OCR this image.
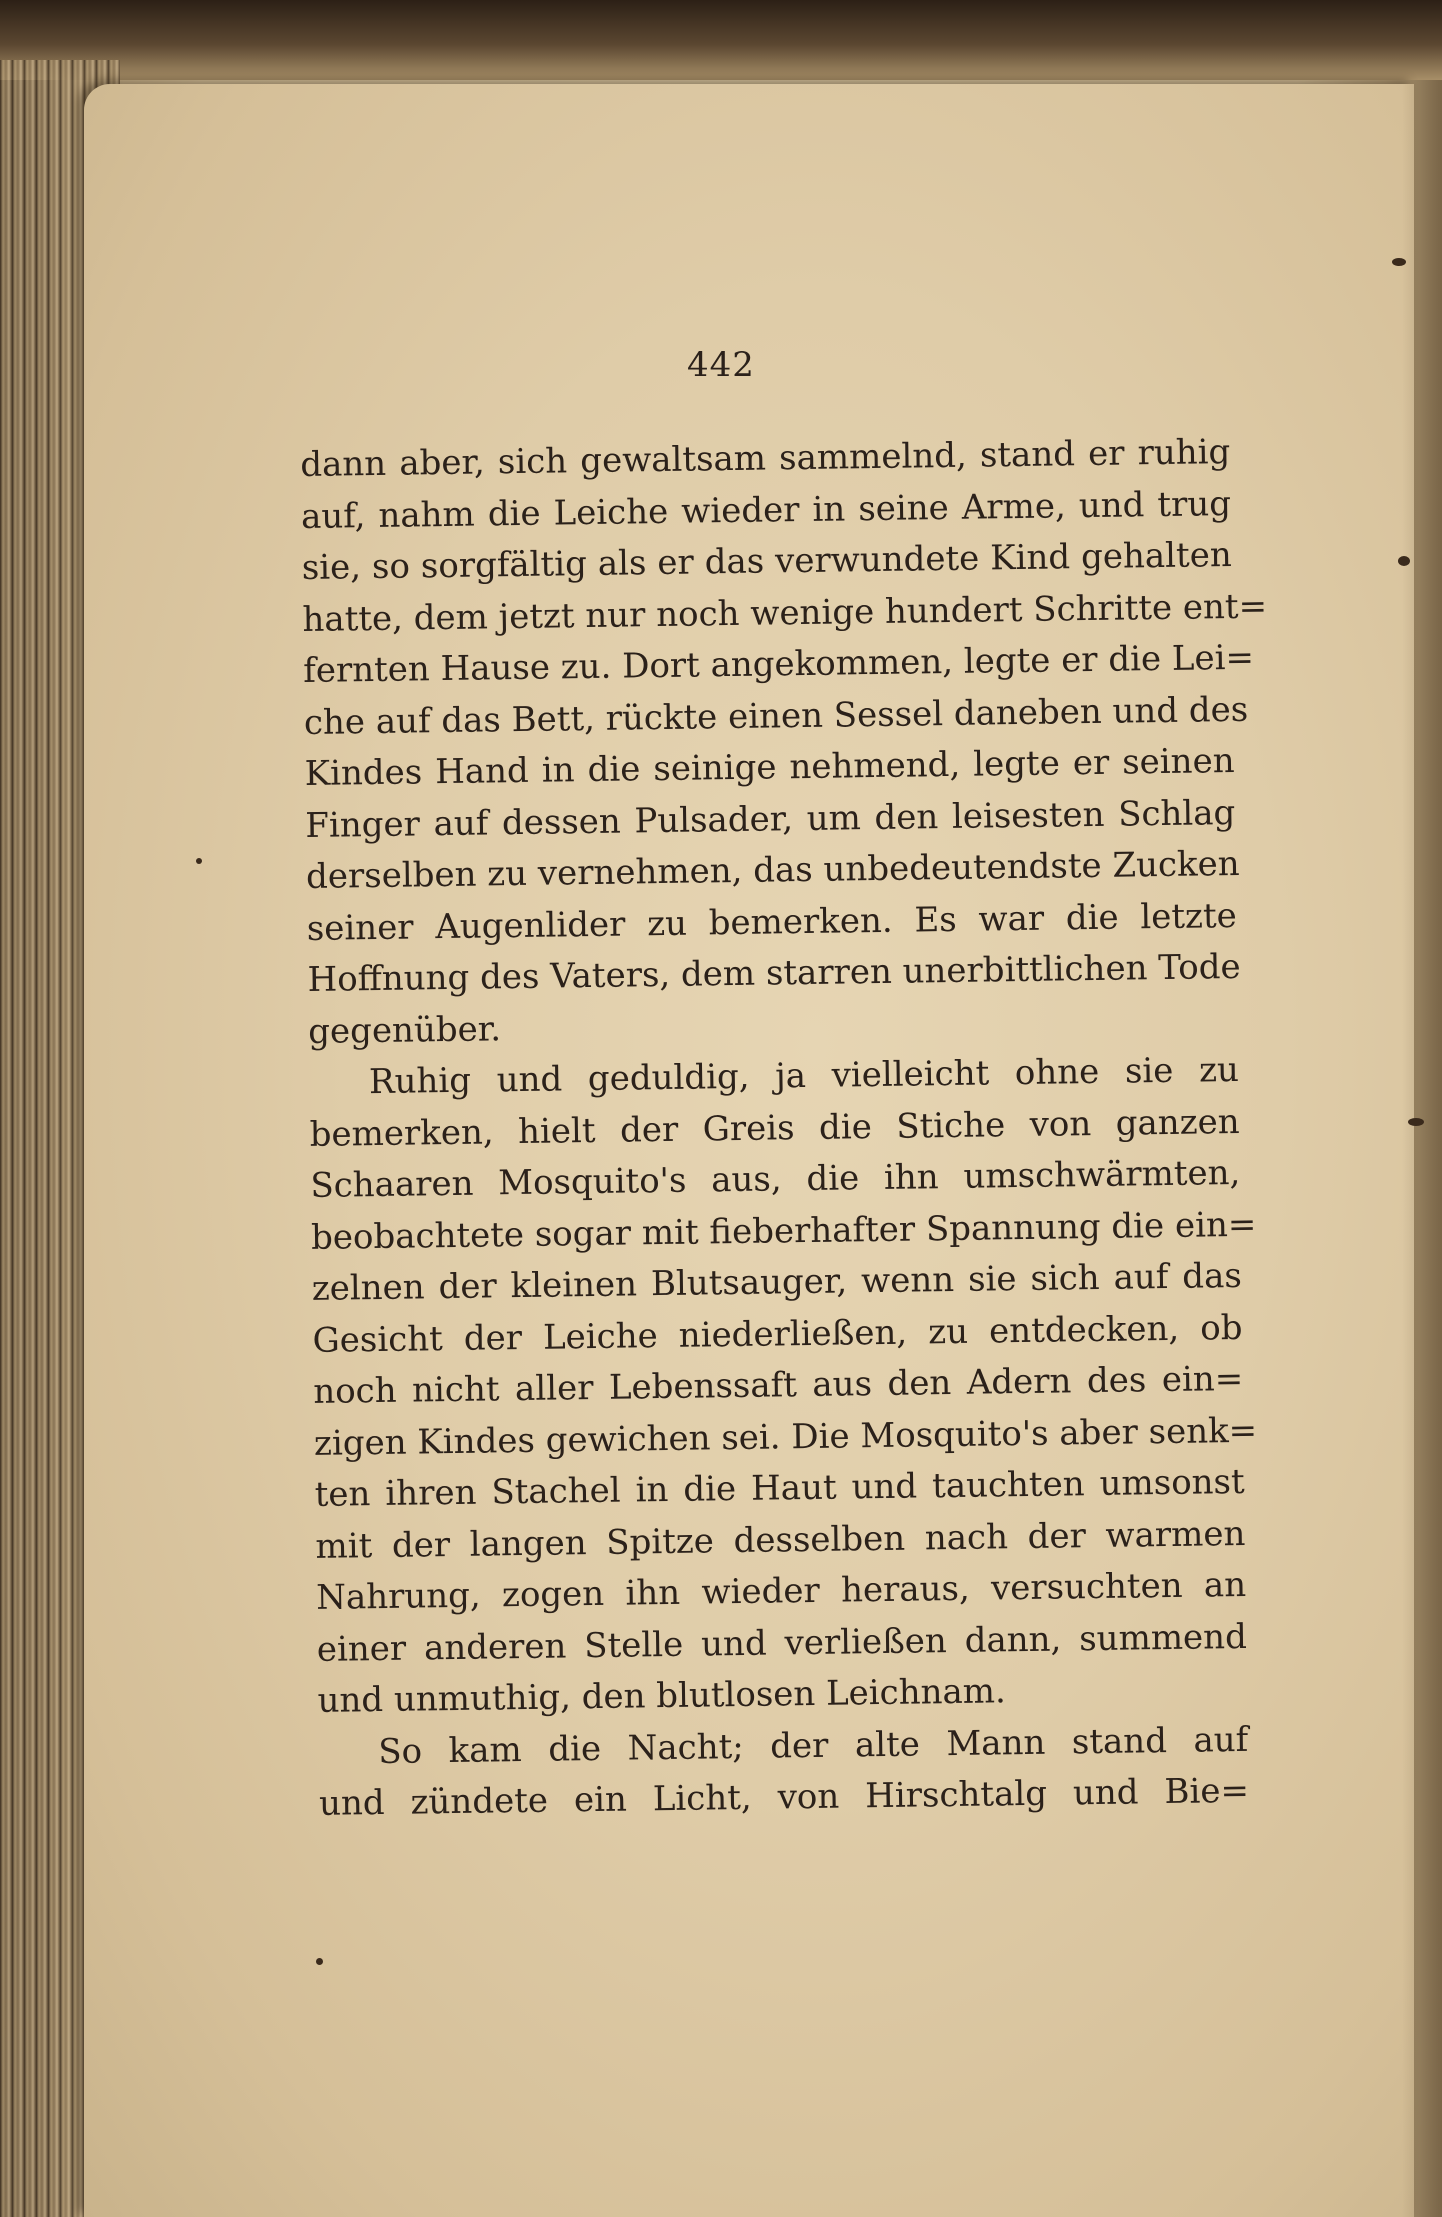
442
dann aber, sich gewaltsam sammelnd, stand er ruhig
auf, nahm die Leiche wieder in seine Arme, und trug
sie, so sorgfältig als er das verwundete Kind gehalten
hatte, dem jetzt nur noch wenige hundert Schritte ent=
fernten Hause zu. Dort angekommen, legte er die Lei=
che auf das Bett, rückte einen Sessel daneben und des
Kindes Hand in die seinige nehmend, legte er seinen
Finger auf dessen Pulsader, um den leisesten Schlag
derselben zu vernehmen, das unbedeutendste Zucken
seiner Augenlider zu bemerken. Es war die letzte
Hoffnung des Vaters, dem starren unerbittlichen Tode
gegenüber.
Ruhig und geduldig, ja vielleicht ohne sie zu
bemerken, hielt der Greis die Stiche von ganzen
Schaaren Mosquito's aus, die ihn umschwärmten,
beobachtete sogar mit fieberhafter Spannung die ein=
zelnen der kleinen Blutsauger, wenn sie sich auf das
Gesicht der Leiche niederließen, zu entdecken, ob
noch nicht aller Lebenssaft aus den Adern des ein=
zigen Kindes gewichen sei. Die Mosquito's aber senk=
ten ihren Stachel in die Haut und tauchten umsonst
mit der langen Spitze desselben nach der warmen
Nahrung, zogen ihn wieder heraus, versuchten an
einer anderen Stelle und verließen dann, summend
und unmuthig, den blutlosen Leichnam.
So kam die Nacht; der alte Mann stand auf
und zündete ein Licht, von Hirschtalg und Bie=
